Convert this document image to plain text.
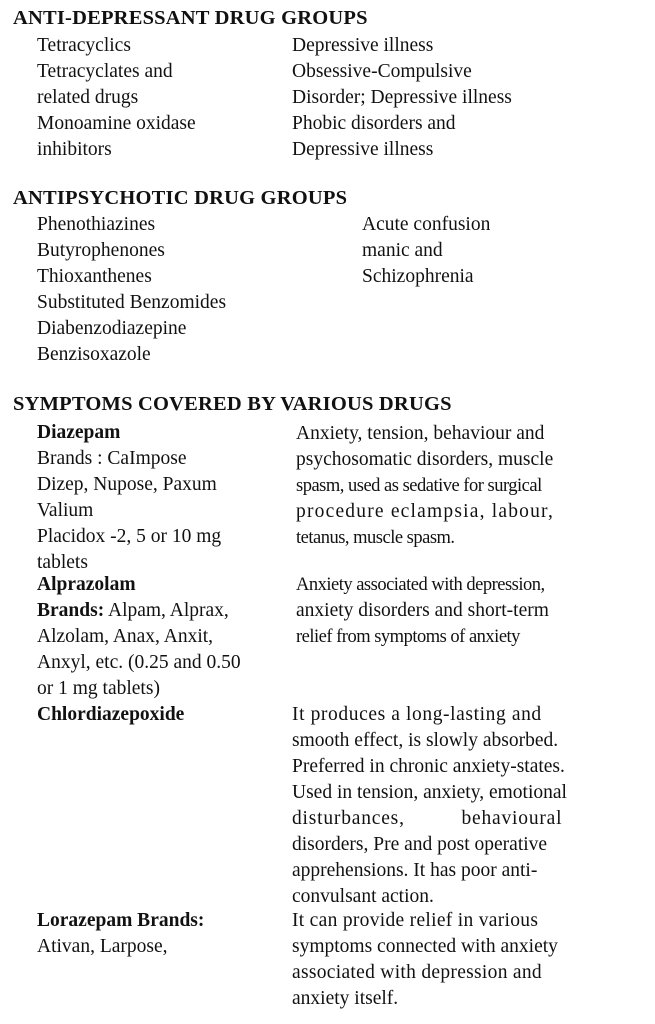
ANTI-DEPRESSANT DRUG GROUPS
Tetracyclics
Tetracyclates and
related drugs
Monoamine oxidase
inhibitors
Depressive illness
Obsessive-Compulsive
Disorder; Depressive illness
Phobic disorders and
Depressive illness
ANTIPSYCHOTIC DRUG GROUPS
Phenothiazines
Butyrophenones
Thioxanthenes
Substituted Benzomides
Diabenzodiazepine
Benzisoxazole
Acute confusion
manic and
Schizophrenia
SYMPTOMS COVERED BY VARIOUS DRUGS
Diazepam
Brands : CaImpose
Dizep, Nupose, Paxum
Valium
Placidox -2, 5 or 10 mg
tablets
Anxiety, tension, behaviour and
psychosomatic disorders, muscle
spasm, used as sedative for surgical
procedure eclampsia, labour,
tetanus, muscle spasm.
Alprazolam
Brands: Alpam, Alprax,
Alzolam, Anax, Anxit,
Anxyl, etc. (0.25 and 0.50
or 1 mg tablets)
Anxiety associated with depression,
anxiety disorders and short-term
relief from symptoms of anxiety
Chlordiazepoxide	It produces a long-lasting and
smooth effect, is slowly absorbed.
Preferred in chronic anxiety-states.
Used in tension, anxiety, emotional
disturbances,          behavioural
disorders, Pre and post operative
apprehensions. It has poor anti-
convulsant action.
Lorazepam Brands:
Ativan, Larpose,
It can provide relief in various
symptoms connected with anxiety
associated with depression and
anxiety itself.
